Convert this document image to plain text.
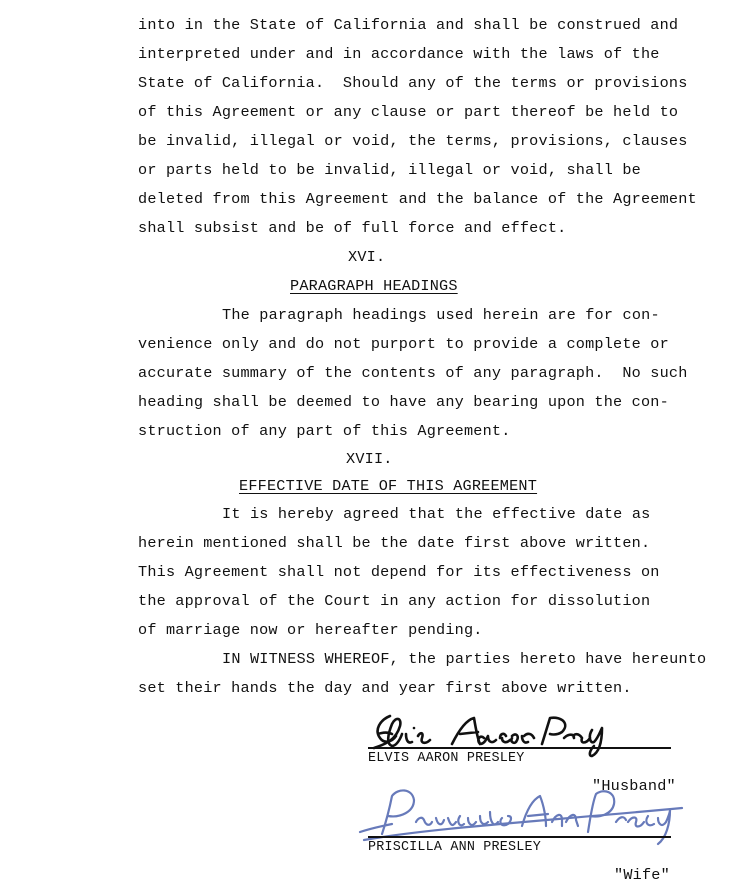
into in the State of California and shall be construed and
interpreted under and in accordance with the laws of the
State of California.  Should any of the terms or provisions
of this Agreement or any clause or part thereof be held to
be invalid, illegal or void, the terms, provisions, clauses
or parts held to be invalid, illegal or void, shall be
deleted from this Agreement and the balance of the Agreement
shall subsist and be of full force and effect.
XVI.
PARAGRAPH HEADINGS
The paragraph headings used herein are for con-
venience only and do not purport to provide a complete or
accurate summary of the contents of any paragraph.  No such
heading shall be deemed to have any bearing upon the con-
struction of any part of this Agreement.
XVII.
EFFECTIVE DATE OF THIS AGREEMENT
It is hereby agreed that the effective date as
herein mentioned shall be the date first above written.
This Agreement shall not depend for its effectiveness on
the approval of the Court in any action for dissolution
of marriage now or hereafter pending.
IN WITNESS WHEREOF, the parties hereto have hereunto
set their hands the day and year first above written.
ELVIS AARON PRESLEY
"Husband"
PRISCILLA ANN PRESLEY
"Wife"
